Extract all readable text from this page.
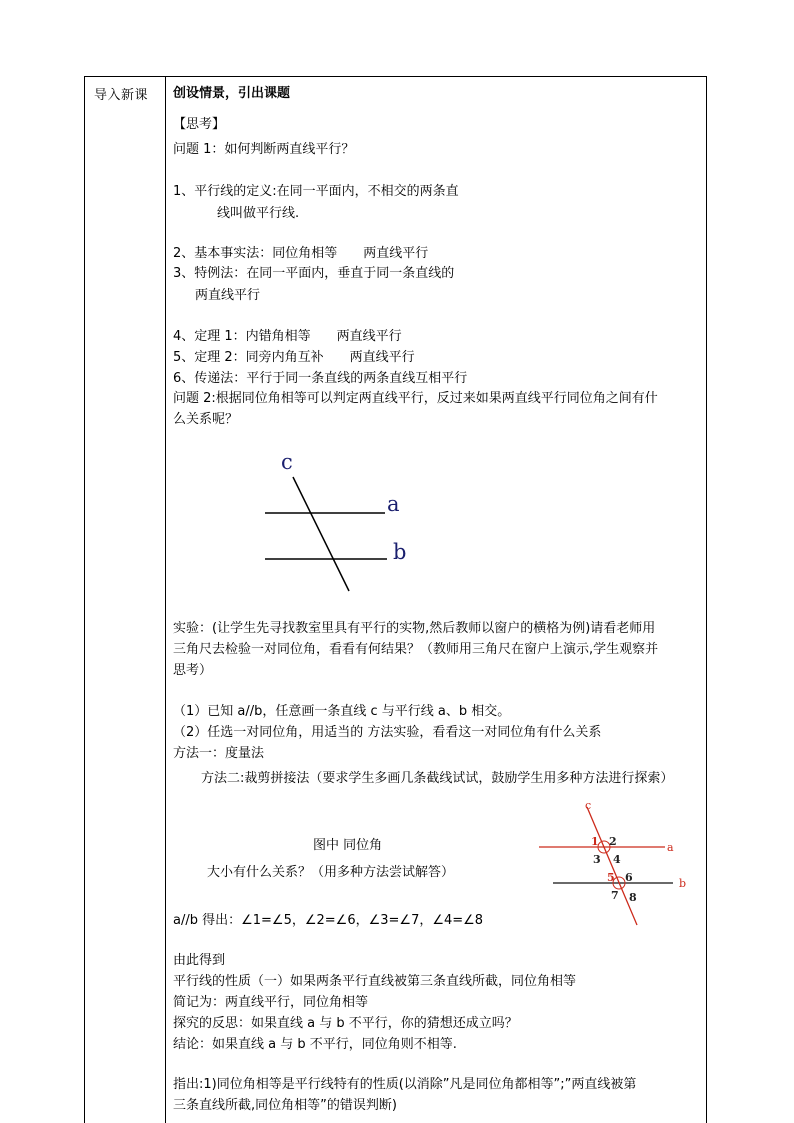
导入新课 创设情景，引出课题
【思考】
问题 1：如何判断两直线平行？
1、平行线的定义:在同一平面内，不相交的两条直
线叫做平行线.
2、基本事实法：同位角相等　　两直线平行
3、特例法：在同一平面内，垂直于同一条直线的
两直线平行
4、定理 1：内错角相等　　两直线平行
5、定理 2：同旁内角互补　　两直线平行
6、传递法：平行于同一条直线的两条直线互相平行
问题 2:根据同位角相等可以判定两直线平行，反过来如果两直线平行同位角之间有什
么关系呢？
c
a
b
实验：(让学生先寻找教室里具有平行的实物,然后教师以窗户的横格为例)请看老师用
三角尺去检验一对同位角，看看有何结果？（教师用三角尺在窗户上演示,学生观察并
思考）
（1）已知 a//b，任意画一条直线 c 与平行线 a、b 相交。
（2）任选一对同位角，用适当的 方法实验，看看这一对同位角有什么关系
方法一：度量法
方法二:裁剪拼接法（要求学生多画几条截线试试，鼓励学生用多种方法进行探索）
图中 同位角
大小有什么关系？（用多种方法尝试解答）
c
a
b
1 2
3 4
5 6
7 8
a//b 得出：∠1=∠5，∠2=∠6，∠3=∠7，∠4=∠8
由此得到
平行线的性质（一）如果两条平行直线被第三条直线所截，同位角相等
简记为：两直线平行，同位角相等
探究的反思：如果直线 a 与 b 不平行，你的猜想还成立吗？
结论：如果直线 a 与 b 不平行，同位角则不相等.
指出:1)同位角相等是平行线特有的性质(以消除”凡是同位角都相等”;”两直线被第
三条直线所截,同位角相等”的错误判断)
